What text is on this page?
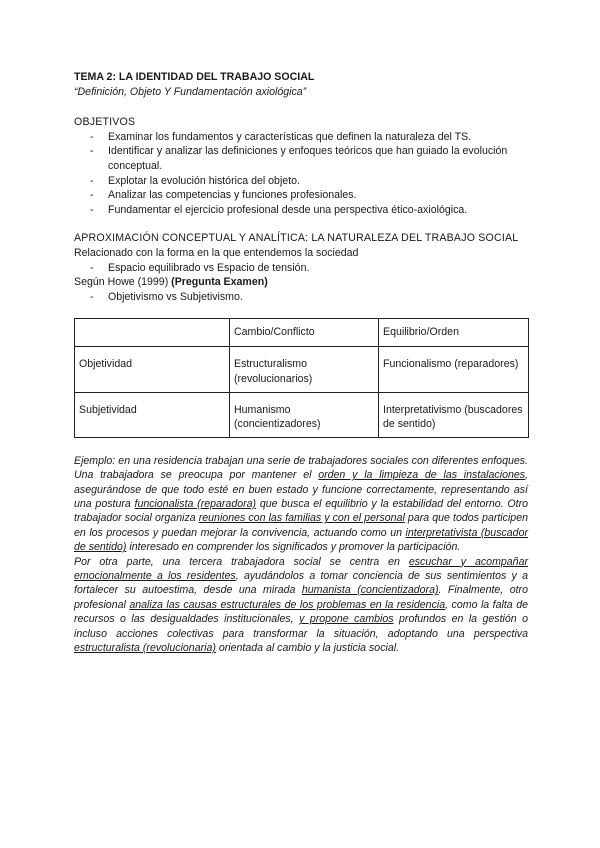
TEMA 2: LA IDENTIDAD DEL TRABAJO SOCIAL

“Definición, Objeto Y Fundamentación axiológica”

OBJETIVOS

- Examinar los fundamentos y características que definen la naturaleza del TS.
- Identificar y analizar las definiciones y enfoques teóricos que han guiado la evolución conceptual.
- Explotar la evolución histórica del objeto.
- Analizar las competencias y funciones profesionales.
- Fundamentar el ejercicio profesional desde una perspectiva ético-axiológica.

APROXIMACIÓN CONCEPTUAL Y ANALÍTICA: LA NATURALEZA DEL TRABAJO SOCIAL

Relacionado con la forma en la que entendemos la sociedad

- Espacio equilibrado vs Espacio de tensión.

Según Howe (1999) (Pregunta Examen)

- Objetivismo vs Subjetivismo.
	Cambio/Conflicto	Equilibrio/Orden
Objetividad	Estructuralismo (revolucionarios)	Funcionalismo (reparadores)
Subjetividad	Humanismo (concientizadores)	Interpretativismo (buscadores de sentido)

Ejemplo: en una residencia trabajan una serie de trabajadores sociales con diferentes enfoques. Una trabajadora se preocupa por mantener el orden y la limpieza de las instalaciones, asegurándose de que todo esté en buen estado y funcione correctamente, representando así una postura funcionalista (reparadora) que busca el equilibrio y la estabilidad del entorno. Otro trabajador social organiza reuniones con las familias y con el personal para que todos participen en los procesos y puedan mejorar la convivencia, actuando como un interpretativista (buscador de sentido) interesado en comprender los significados y promover la participación.

Por otra parte, una tercera trabajadora social se centra en escuchar y acompañar emocionalmente a los residentes, ayudándolos a tomar conciencia de sus sentimientos y a fortalecer su autoestima, desde una mirada humanista (concientizadora). Finalmente, otro profesional analiza las causas estructurales de los problemas en la residencia, como la falta de recursos o las desigualdades institucionales, y propone cambios profundos en la gestión o incluso acciones colectivas para transformar la situación, adoptando una perspectiva estructuralista (revolucionaria) orientada al cambio y la justicia social.
